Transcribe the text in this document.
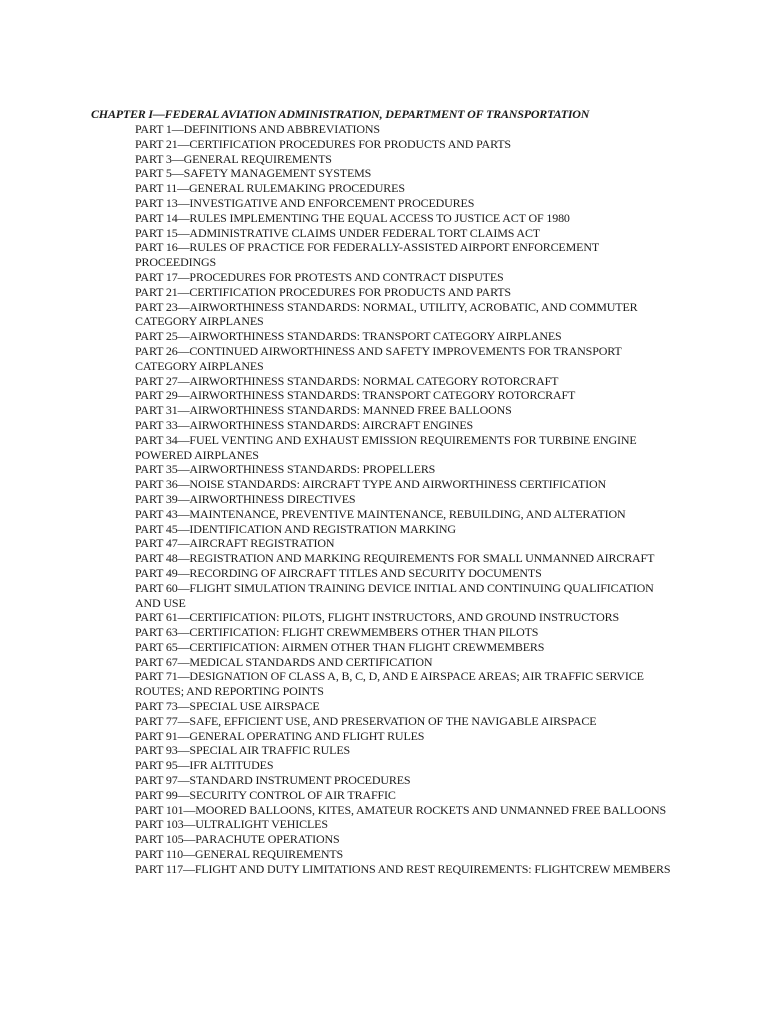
CHAPTER I—FEDERAL AVIATION ADMINISTRATION, DEPARTMENT OF TRANSPORTATION

PART 1—DEFINITIONS AND ABBREVIATIONS
PART 21—CERTIFICATION PROCEDURES FOR PRODUCTS AND PARTS
PART 3—GENERAL REQUIREMENTS
PART 5—SAFETY MANAGEMENT SYSTEMS
PART 11—GENERAL RULEMAKING PROCEDURES
PART 13—INVESTIGATIVE AND ENFORCEMENT PROCEDURES
PART 14—RULES IMPLEMENTING THE EQUAL ACCESS TO JUSTICE ACT OF 1980
PART 15—ADMINISTRATIVE CLAIMS UNDER FEDERAL TORT CLAIMS ACT
PART 16—RULES OF PRACTICE FOR FEDERALLY-ASSISTED AIRPORT ENFORCEMENT PROCEEDINGS
PART 17—PROCEDURES FOR PROTESTS AND CONTRACT DISPUTES
PART 21—CERTIFICATION PROCEDURES FOR PRODUCTS AND PARTS
PART 23—AIRWORTHINESS STANDARDS: NORMAL, UTILITY, ACROBATIC, AND COMMUTER CATEGORY AIRPLANES
PART 25—AIRWORTHINESS STANDARDS: TRANSPORT CATEGORY AIRPLANES
PART 26—CONTINUED AIRWORTHINESS AND SAFETY IMPROVEMENTS FOR TRANSPORT CATEGORY AIRPLANES
PART 27—AIRWORTHINESS STANDARDS: NORMAL CATEGORY ROTORCRAFT
PART 29—AIRWORTHINESS STANDARDS: TRANSPORT CATEGORY ROTORCRAFT
PART 31—AIRWORTHINESS STANDARDS: MANNED FREE BALLOONS
PART 33—AIRWORTHINESS STANDARDS: AIRCRAFT ENGINES
PART 34—FUEL VENTING AND EXHAUST EMISSION REQUIREMENTS FOR TURBINE ENGINE POWERED AIRPLANES
PART 35—AIRWORTHINESS STANDARDS: PROPELLERS
PART 36—NOISE STANDARDS: AIRCRAFT TYPE AND AIRWORTHINESS CERTIFICATION
PART 39—AIRWORTHINESS DIRECTIVES
PART 43—MAINTENANCE, PREVENTIVE MAINTENANCE, REBUILDING, AND ALTERATION
PART 45—IDENTIFICATION AND REGISTRATION MARKING
PART 47—AIRCRAFT REGISTRATION
PART 48—REGISTRATION AND MARKING REQUIREMENTS FOR SMALL UNMANNED AIRCRAFT
PART 49—RECORDING OF AIRCRAFT TITLES AND SECURITY DOCUMENTS
PART 60—FLIGHT SIMULATION TRAINING DEVICE INITIAL AND CONTINUING QUALIFICATION AND USE
PART 61—CERTIFICATION: PILOTS, FLIGHT INSTRUCTORS, AND GROUND INSTRUCTORS
PART 63—CERTIFICATION: FLIGHT CREWMEMBERS OTHER THAN PILOTS
PART 65—CERTIFICATION: AIRMEN OTHER THAN FLIGHT CREWMEMBERS
PART 67—MEDICAL STANDARDS AND CERTIFICATION
PART 71—DESIGNATION OF CLASS A, B, C, D, AND E AIRSPACE AREAS; AIR TRAFFIC SERVICE ROUTES; AND REPORTING POINTS
PART 73—SPECIAL USE AIRSPACE
PART 77—SAFE, EFFICIENT USE, AND PRESERVATION OF THE NAVIGABLE AIRSPACE
PART 91—GENERAL OPERATING AND FLIGHT RULES
PART 93—SPECIAL AIR TRAFFIC RULES
PART 95—IFR ALTITUDES
PART 97—STANDARD INSTRUMENT PROCEDURES
PART 99—SECURITY CONTROL OF AIR TRAFFIC
PART 101—MOORED BALLOONS, KITES, AMATEUR ROCKETS AND UNMANNED FREE BALLOONS
PART 103—ULTRALIGHT VEHICLES
PART 105—PARACHUTE OPERATIONS
PART 110—GENERAL REQUIREMENTS
PART 117—FLIGHT AND DUTY LIMITATIONS AND REST REQUIREMENTS: FLIGHTCREW MEMBERS
